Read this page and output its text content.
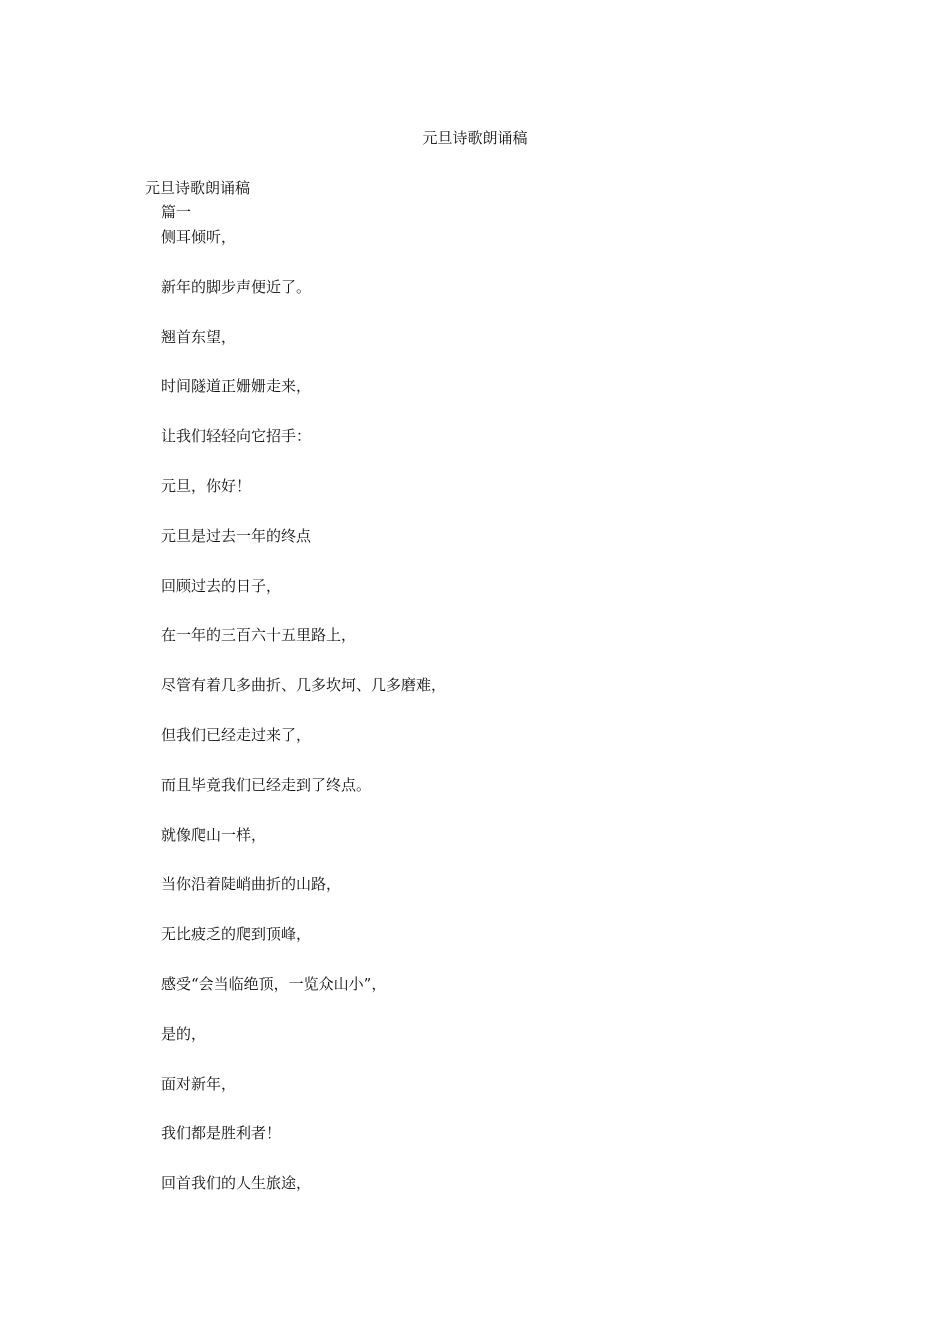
元旦诗歌朗诵稿
元旦诗歌朗诵稿
篇一
侧耳倾听，
新年的脚步声便近了。
翘首东望，
时间隧道正姗姗走来，
让我们轻轻向它招手：
元旦，你好！
元旦是过去一年的终点
回顾过去的日子，
在一年的三百六十五里路上，
尽管有着几多曲折、几多坎坷、几多磨难，
但我们已经走过来了，
而且毕竟我们已经走到了终点。
就像爬山一样，
当你沿着陡峭曲折的山路，
无比疲乏的爬到顶峰，
感受“会当临绝顶，一览众山小”，
是的，
面对新年，
我们都是胜利者！
回首我们的人生旅途，
